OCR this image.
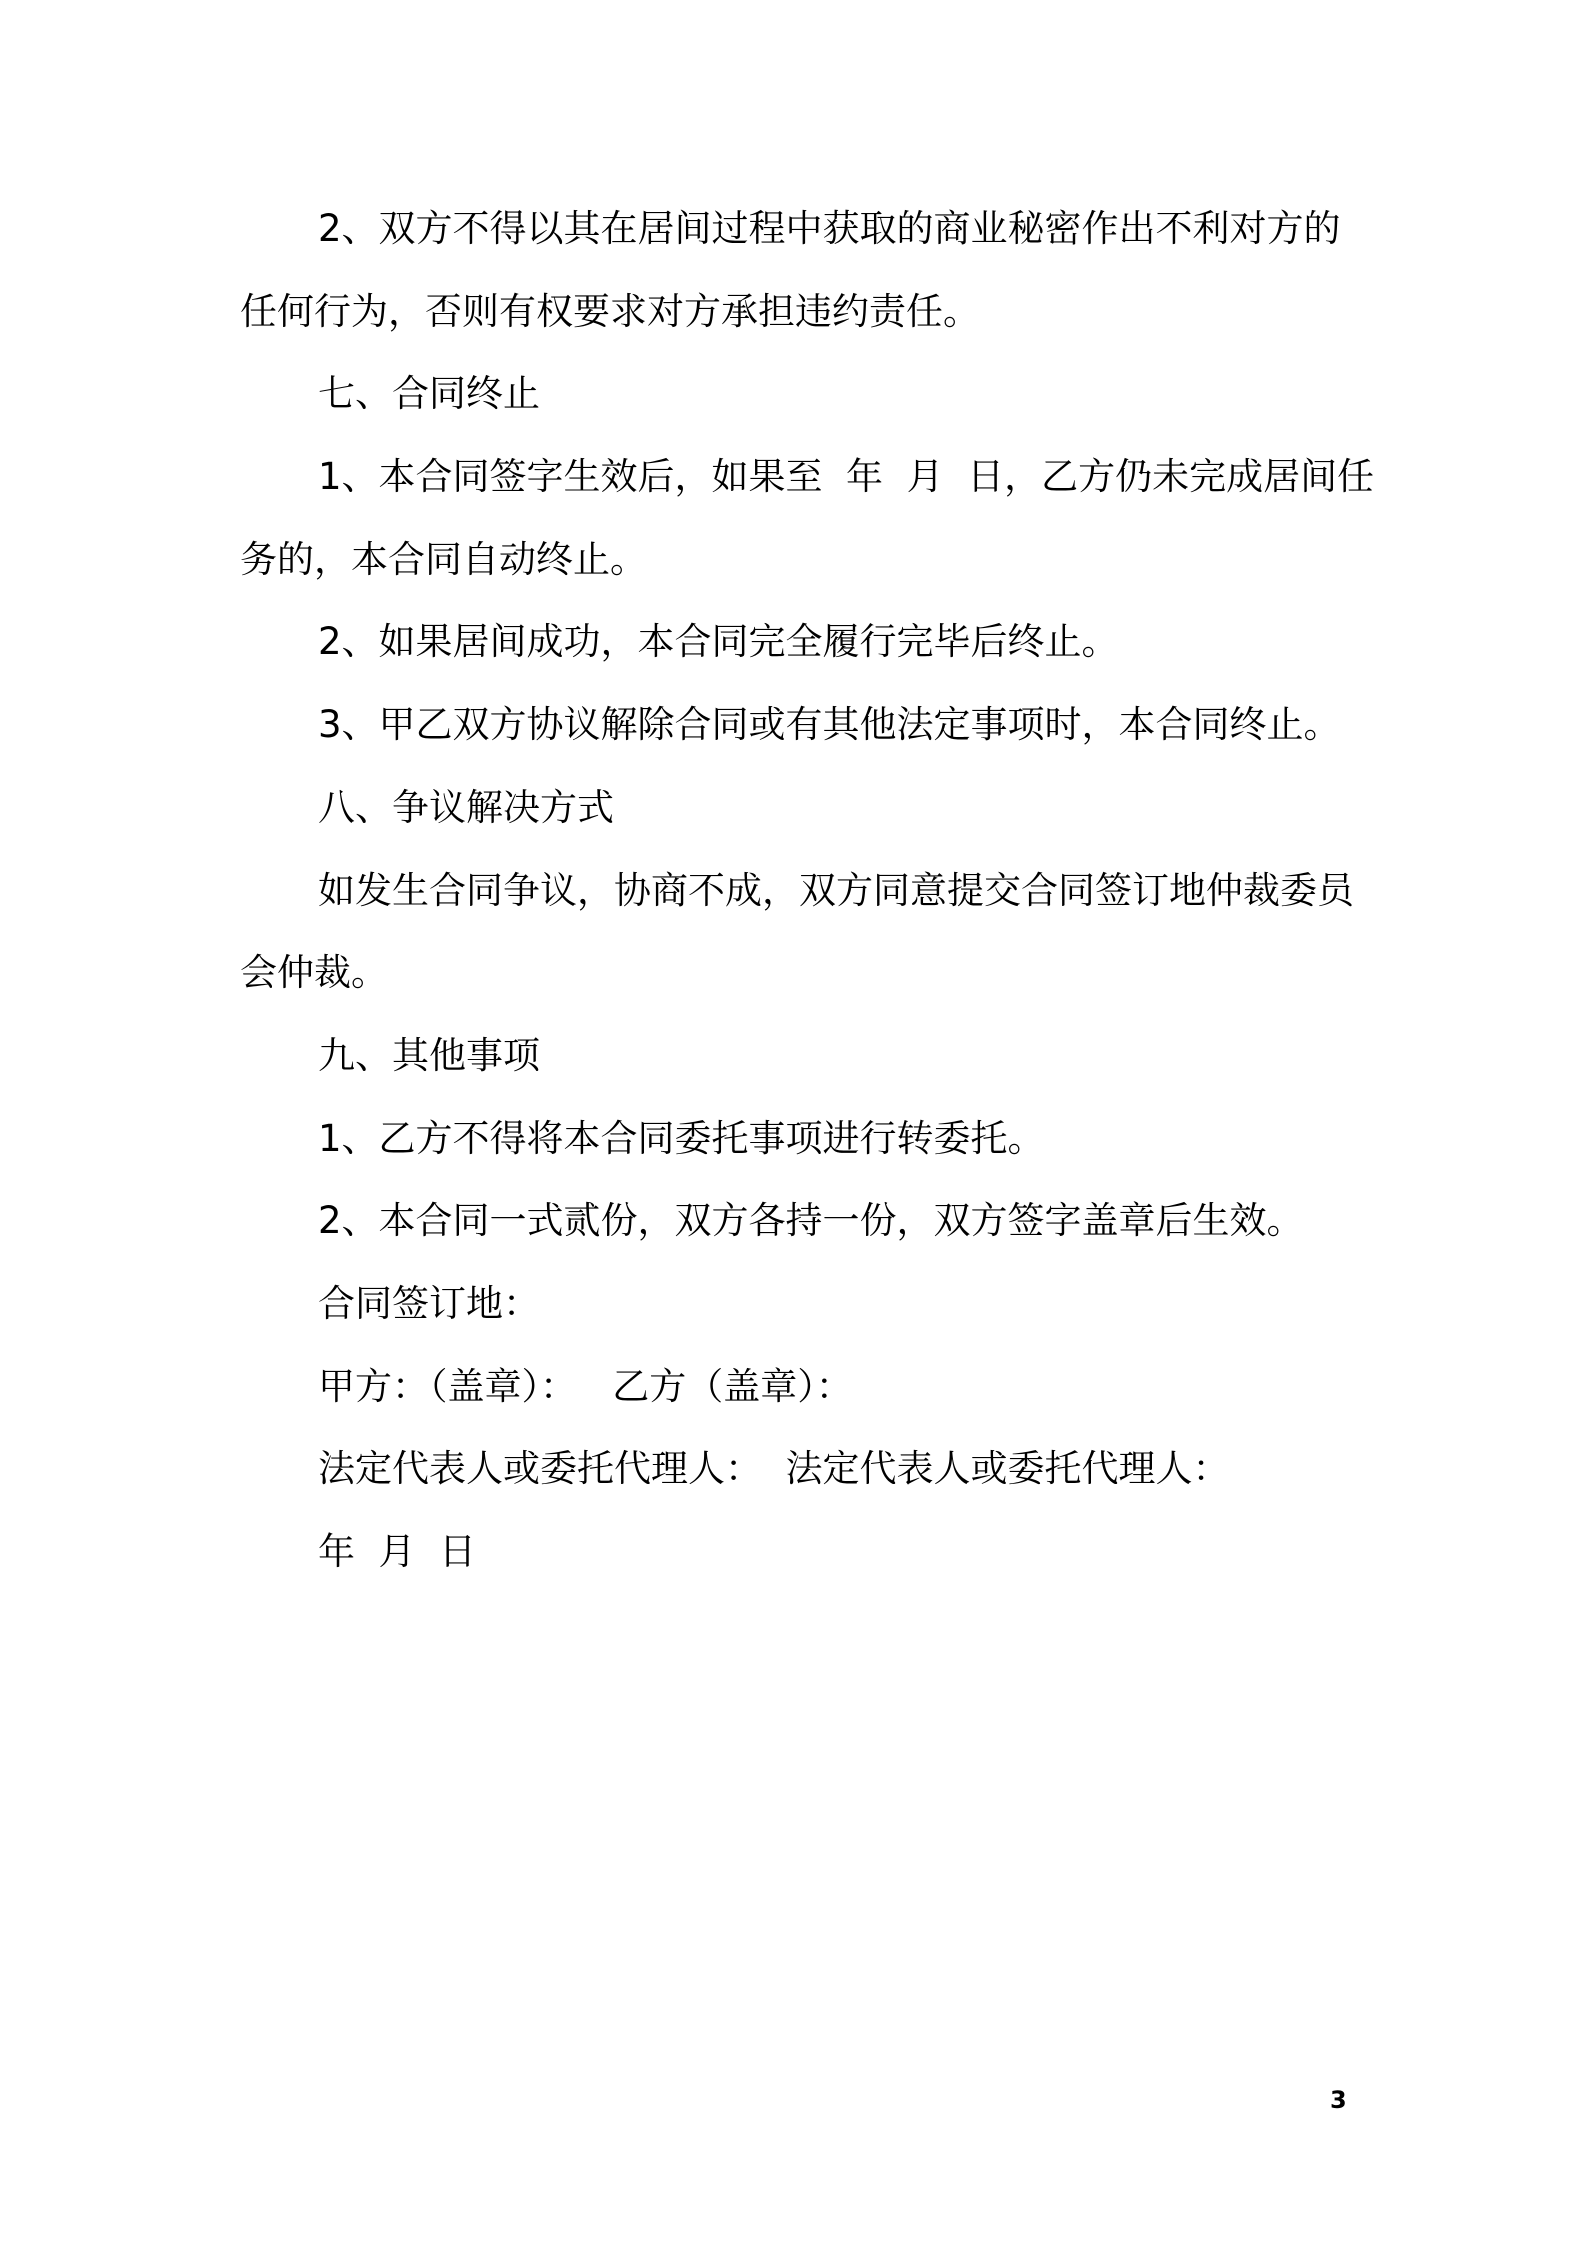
2、双方不得以其在居间过程中获取的商业秘密作出不利对方的
任何行为，否则有权要求对方承担违约责任。
七、合同终止
1、本合同签字生效后，如果至  年  月  日，乙方仍未完成居间任
务的，本合同自动终止。
2、如果居间成功，本合同完全履行完毕后终止。
3、甲乙双方协议解除合同或有其他法定事项时，本合同终止。
八、争议解决方式
如发生合同争议，协商不成，双方同意提交合同签订地仲裁委员
会仲裁。
九、其他事项
1、乙方不得将本合同委托事项进行转委托。
2、本合同一式贰份，双方各持一份，双方签字盖章后生效。
合同签订地：
甲方：（盖章）：   乙方（盖章）：
法定代表人或委托代理人：  法定代表人或委托代理人：
年  月  日
3
